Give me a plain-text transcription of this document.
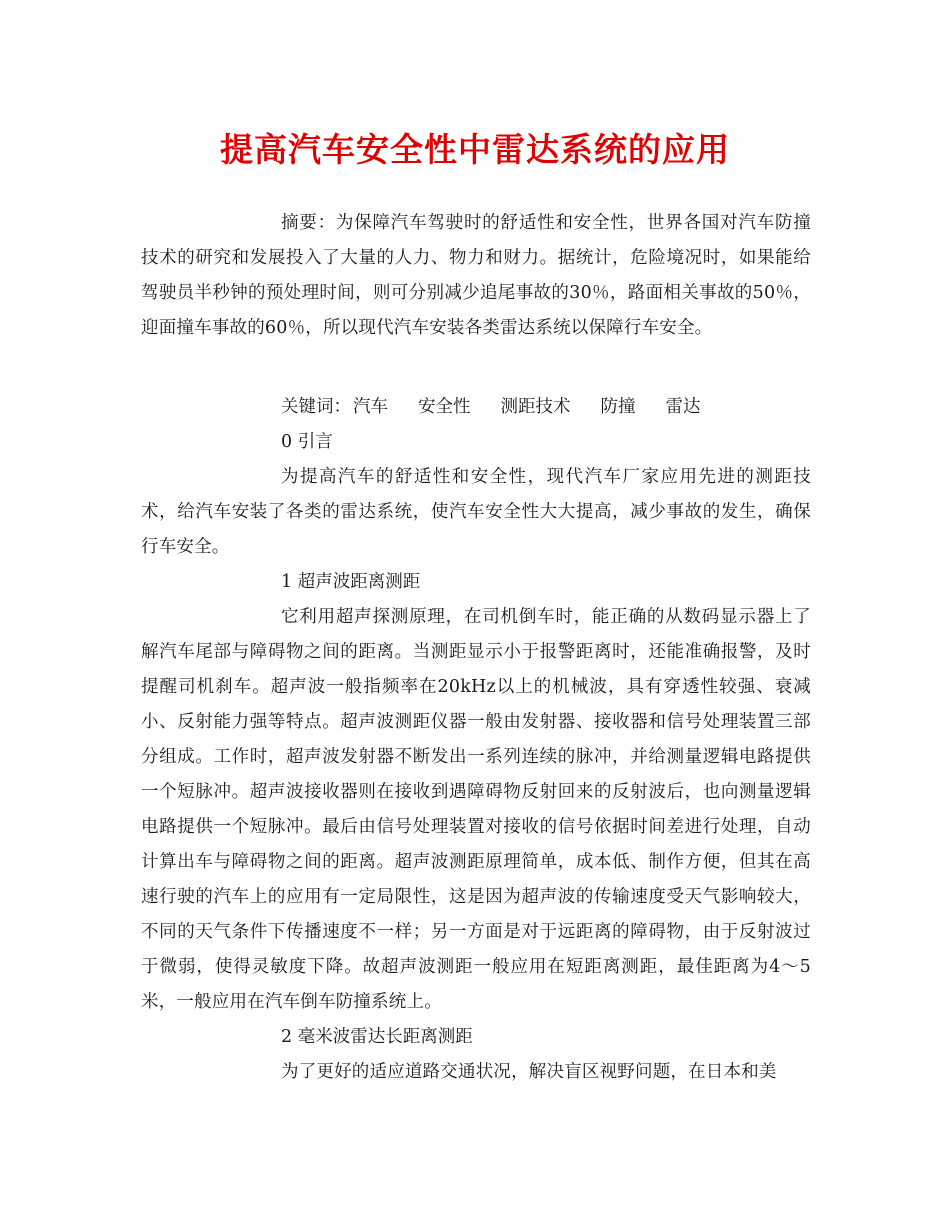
提高汽车安全性中雷达系统的应用

摘要：为保障汽车驾驶时的舒适性和安全性，世界各国对汽车防撞技术的研究和发展投入了大量的人力、物力和财力。据统计，危险境况时，如果能给驾驶员半秒钟的预处理时间，则可分别减少追尾事故的30％，路面相关事故的50％，迎面撞车事故的60％，所以现代汽车安装各类雷达系统以保障行车安全。

关键词： 汽车 安全性 测距技术 防撞 雷达
0 引言

为提高汽车的舒适性和安全性，现代汽车厂家应用先进的测距技术，给汽车安装了各类的雷达系统，使汽车安全性大大提高，减少事故的发生，确保行车安全。

1 超声波距离测距

它利用超声探测原理，在司机倒车时，能正确的从数码显示器上了解汽车尾部与障碍物之间的距离。当测距显示小于报警距离时，还能准确报警，及时提醒司机刹车。超声波一般指频率在20kHz以上的机械波，具有穿透性较强、衰减小、反射能力强等特点。超声波测距仪器一般由发射器、接收器和信号处理装置三部分组成。工作时，超声波发射器不断发出一系列连续的脉冲，并给测量逻辑电路提供一个短脉冲。超声波接收器则在接收到遇障碍物反射回来的反射波后，也向测量逻辑电路提供一个短脉冲。最后由信号处理装置对接收的信号依据时间差进行处理，自动计算出车与障碍物之间的距离。超声波测距原理简单，成本低、制作方便，但其在高速行驶的汽车上的应用有一定局限性，这是因为超声波的传输速度受天气影响较大，不同的天气条件下传播速度不一样；另一方面是对于远距离的障碍物，由于反射波过于微弱，使得灵敏度下降。故超声波测距一般应用在短距离测距，最佳距离为4～5米，一般应用在汽车倒车防撞系统上。

2 毫米波雷达长距离测距

为了更好的适应道路交通状况，解决盲区视野问题，在日本和美
